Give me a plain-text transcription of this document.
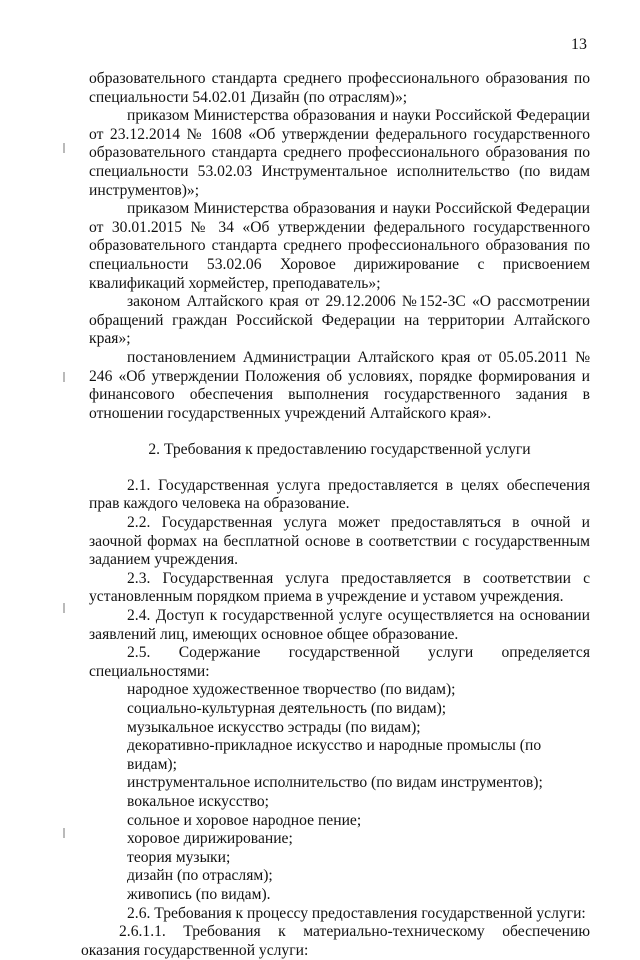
13

образовательного стандарта среднего профессионального образования по специальности 54.02.01 Дизайн (по отраслям)»;

приказом Министерства образования и науки Российской Федерации от 23.12.2014 № 1608 «Об утверждении федерального государственного образовательного стандарта среднего профессионального образования по специальности 53.02.03 Инструментальное исполнительство (по видам инструментов)»;

приказом Министерства образования и науки Российской Федерации от 30.01.2015 № 34 «Об утверждении федерального государственного образовательного стандарта среднего профессионального образования по специальности 53.02.06 Хоровое дирижирование с присвоением квалификаций хормейстер, преподаватель»;

законом Алтайского края от 29.12.2006 №152-ЗС «О рассмотрении обращений граждан Российской Федерации на территории Алтайского края»;

постановлением Администрации Алтайского края от 05.05.2011 № 246 «Об утверждении Положения об условиях, порядке формирования и финансового обеспечения выполнения государственного задания в отношении государственных учреждений Алтайского края».

2. Требования к предоставлению государственной услуги

2.1. Государственная услуга предоставляется в целях обеспечения прав каждого человека на образование.

2.2. Государственная услуга может предоставляться в очной и заочной формах на бесплатной основе в соответствии с государственным заданием учреждения.

2.3. Государственная услуга предоставляется в соответствии с установленным порядком приема в учреждение и уставом учреждения.

2.4. Доступ к государственной услуге осуществляется на основании заявлений лиц, имеющих основное общее образование.

2.5. Содержание государственной услуги определяется специальностями:

народное художественное творчество (по видам);

социально-культурная деятельность (по видам);

музыкальное искусство эстрады (по видам);

декоративно-прикладное искусство и народные промыслы (по видам);

инструментальное исполнительство (по видам инструментов);

вокальное искусство;

сольное и хоровое народное пение;

хоровое дирижирование;

теория музыки;

дизайн (по отраслям);

живопись (по видам).

2.6. Требования к процессу предоставления государственной услуги:

2.6.1.1. Требования к материально-техническому обеспечению оказания государственной услуги:
